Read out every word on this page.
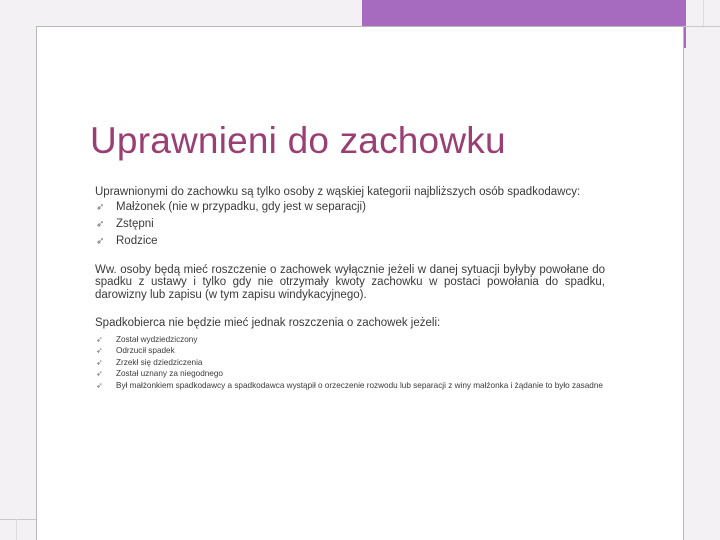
Uprawnieni do zachowku

Uprawnionymi do zachowku są tylko osoby z wąskiej kategorii najbliższych osób spadkodawcy:

➶ Małżonek (nie w przypadku, gdy jest w separacji)
➶ Zstępni
➶ Rodzice

Ww. osoby będą mieć roszczenie o zachowek wyłącznie jeżeli w danej sytuacji byłyby powołane do spadku z ustawy i tylko gdy nie otrzymały kwoty zachowku w postaci powołania do spadku, darowizny lub zapisu (w tym zapisu windykacyjnego).

Spadkobierca nie będzie mieć jednak roszczenia o zachowek jeżeli:

➶ Został wydziedziczony
➶ Odrzucił spadek
➶ Zrzekł się dziedziczenia
➶ Został uznany za niegodnego
➶ Był małżonkiem spadkodawcy a spadkodawca wystąpił o orzeczenie rozwodu lub separacji z winy małżonka i żądanie to było zasadne
